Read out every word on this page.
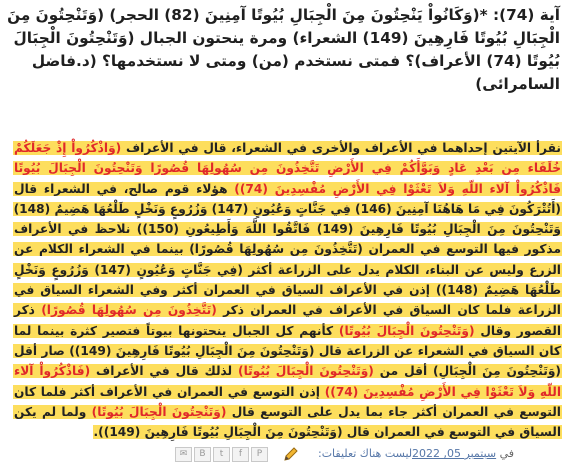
آية (74): *(وَكَانُواْ يَنْحِتُونَ مِنَ الْجِبَالِ بُيُوتًا آمِنِينَ (82) الحجر) (وَتَنْحِتُونَ مِنَ الْجِبَالِ بُيُوتًا فَارِهِينَ (149) الشعراء) ومرة ينحتون الجبال (وَتَنْحِتُونَ الْجِبَالَ بُيُوتًا (74) الأعراف)؟ فمتى نستخدم (من) ومتى لا نستخدمها؟ (د.فاضل السامرائى)
نقرأ الآيتين إحداهما في الأعراف والأخرى في الشعراء، قال في الأعراف (وَاذْكُرُواْ إِذْ جَعَلَكُمْ خُلَفَاء مِن بَعْدِ عَادٍ وَبَوَّأَكُمْ فِي الأَرْضِ تَتَّخِذُونَ مِن سُهُولِهَا قُصُورًا وَتَنْحِتُونَ الْجِبَالَ بُيُوتًا فَاذْكُرُواْ آلاء اللّهِ وَلاَ تَعْثَوْا فِي الأَرْضِ مُفْسِدِينَ (74)) هؤلاء قوم صالح، في الشعراء قال (أَتُتْرَكُونَ فِي مَا هَاهُنَا آمِنِينَ (146) فِي جَنَّاتٍ وَعُيُونٍ (147) وَزُرُوعٍ وَنَخْلٍ طَلْعُهَا هَضِيمٌ (148) وَتَنْحِتُونَ مِنَ الْجِبَالِ بُيُوتًا فَارِهِينَ (149) فَاتَّقُوا اللَّهَ وَأَطِيعُونِ (150)) نلاحظ في الأعراف مذكور فيها التوسع في العمران (تَتَّخِذُونَ مِن سُهُولِهَا قُصُورًا) بينما في الشعراء الكلام عن الزرع وليس عن البناء، الكلام يدل على الزراعة أكثر (فِي جَنَّاتٍ وَعُيُونٍ (147) وَزُرُوعٍ وَنَخْلٍ طَلْعُهَا هَضِيمٌ (148)) إذن في الأعراف السياق في العمران أكثر وفي الشعراء السياق في الزراعة فلما كان السياق في الأعراف في العمران ذكر (تَتَّخِذُونَ مِن سُهُولِهَا قُصُورًا) ذكر القصور وقال (وَتَنْحِتُونَ الْجِبَالَ بُيُوتًا) كأنهم كل الجبال ينحتونها بيوتاً فتصير كثرة بينما لما كان السياق في الشعراء عن الزراعة قال (وَتَنْحِتُونَ مِنَ الْجِبَالِ بُيُوتًا فَارِهِينَ (149)) صار أقل (وَتَنْحِتُونَ مِنَ الْجِبَالِ) أقل من (وَتَنْحِتُونَ الْجِبَالَ بُيُوتًا) لذلك قال في الأعراف (فَاذْكُرُواْ آلاء اللّهِ وَلاَ تَعْثَوْا فِي الأَرْضِ مُفْسِدِينَ (74)) إذن التوسع في العمران في الأعراف أكثر فلما كان التوسع في العمران أكثر جاء بما يدل على التوسع قال (وَتَنْحِتُونَ الْجِبَالَ بُيُوتًا) ولما لم يكن السياق في التوسع في العمران قال (وَتَنْحِتُونَ مِنَ الْجِبَالِ بُيُوتًا فَارِهِينَ (149)).
✉	B	t	f	P	ليست هناك تعليقات:	في سبتمبر 05, 2022
